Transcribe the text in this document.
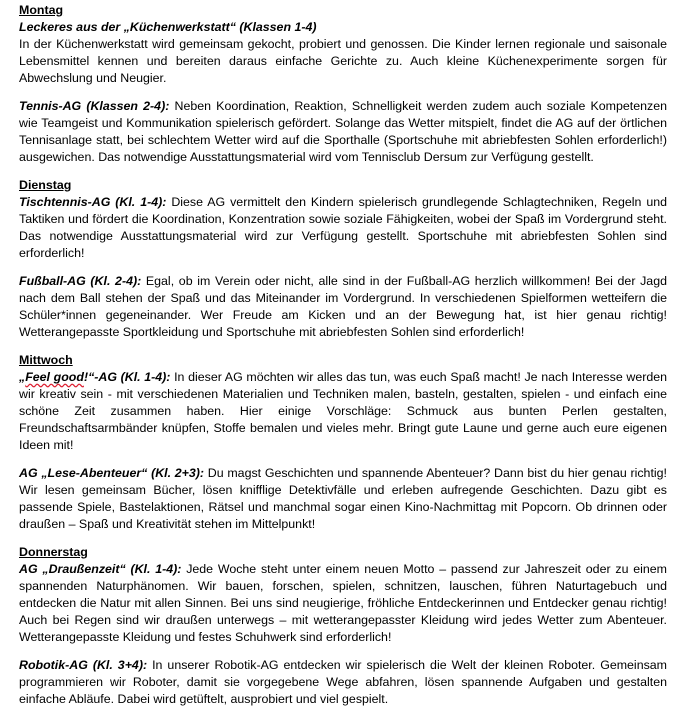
Montag

Leckeres aus der „Küchenwerkstatt“ (Klassen 1-4)
In der Küchenwerkstatt wird gemeinsam gekocht, probiert und genossen. Die Kinder lernen regionale und saisonale Lebensmittel kennen und bereiten daraus einfache Gerichte zu. Auch kleine Küchenexperimente sorgen für Abwechslung und Neugier.

Tennis-AG (Klassen 2-4): Neben Koordination, Reaktion, Schnelligkeit werden zudem auch soziale Kompetenzen wie Teamgeist und Kommunikation spielerisch gefördert. Solange das Wetter mitspielt, findet die AG auf der örtlichen Tennisanlage statt, bei schlechtem Wetter wird auf die Sporthalle (Sportschuhe mit abriebfesten Sohlen erforderlich!) ausgewichen. Das notwendige Ausstattungsmaterial wird vom Tennisclub Dersum zur Verfügung gestellt.

Dienstag

Tischtennis-AG (Kl. 1-4): Diese AG vermittelt den Kindern spielerisch grundlegende Schlagtechniken, Regeln und Taktiken und fördert die Koordination, Konzentration sowie soziale Fähigkeiten, wobei der Spaß im Vordergrund steht. Das notwendige Ausstattungsmaterial wird zur Verfügung gestellt. Sportschuhe mit abriebfesten Sohlen sind erforderlich!

Fußball-AG (Kl. 2-4): Egal, ob im Verein oder nicht, alle sind in der Fußball-AG herzlich willkommen! Bei der Jagd nach dem Ball stehen der Spaß und das Miteinander im Vordergrund. In verschiedenen Spielformen wetteifern die Schüler*innen gegeneinander. Wer Freude am Kicken und an der Bewegung hat, ist hier genau richtig! Wetterangepasste Sportkleidung und Sportschuhe mit abriebfesten Sohlen sind erforderlich!

Mittwoch

„Feel good!“-AG (Kl. 1-4): In dieser AG möchten wir alles das tun, was euch Spaß macht! Je nach Interesse werden wir kreativ sein - mit verschiedenen Materialien und Techniken malen, basteln, gestalten, spielen - und einfach eine schöne Zeit zusammen haben. Hier einige Vorschläge: Schmuck aus bunten Perlen gestalten, Freundschaftsarmbänder knüpfen, Stoffe bemalen und vieles mehr. Bringt gute Laune und gerne auch eure eigenen Ideen mit!

AG „Lese-Abenteuer“ (Kl. 2+3): Du magst Geschichten und spannende Abenteuer? Dann bist du hier genau richtig! Wir lesen gemeinsam Bücher, lösen knifflige Detektivfälle und erleben aufregende Geschichten. Dazu gibt es passende Spiele, Bastelaktionen, Rätsel und manchmal sogar einen Kino-Nachmittag mit Popcorn. Ob drinnen oder draußen – Spaß und Kreativität stehen im Mittelpunkt!

Donnerstag

AG „Draußenzeit“ (Kl. 1-4): Jede Woche steht unter einem neuen Motto – passend zur Jahreszeit oder zu einem spannenden Naturphänomen. Wir bauen, forschen, spielen, schnitzen, lauschen, führen Naturtagebuch und entdecken die Natur mit allen Sinnen. Bei uns sind neugierige, fröhliche Entdeckerinnen und Entdecker genau richtig! Auch bei Regen sind wir draußen unterwegs – mit wetterangepasster Kleidung wird jedes Wetter zum Abenteuer. Wetterangepasste Kleidung und festes Schuhwerk sind erforderlich!

Robotik-AG (Kl. 3+4): In unserer Robotik-AG entdecken wir spielerisch die Welt der kleinen Roboter. Gemeinsam programmieren wir Roboter, damit sie vorgegebene Wege abfahren, lösen spannende Aufgaben und gestalten einfache Abläufe. Dabei wird getüftelt, ausprobiert und viel gespielt.
